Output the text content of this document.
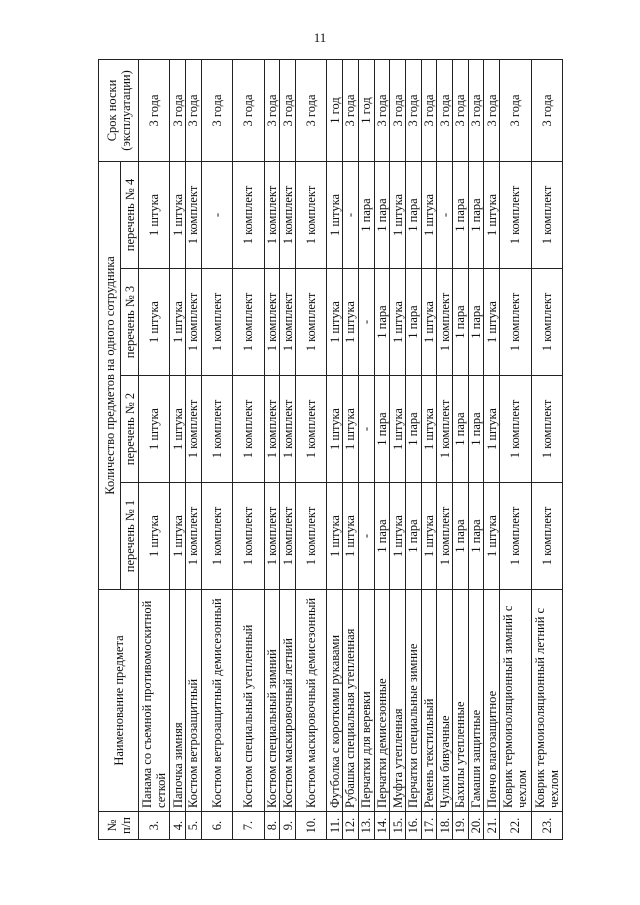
11
№ п/п	Наименование предмета	Количество предметов на одного сотрудника				Срок носки (эксплуатации)
		перечень № 1	перечень № 2	перечень № 3	перечень № 4	
3.	Панама со съемной противомоскитной сеткой	1 штука	1 штука	1 штука	1 штука	3 года
4.	Папочка зимняя	1 штука	1 штука	1 штука	1 штука	3 года
5.	Костюм ветрозащитный	1 комплект	1 комплект	1 комплект	1 комплект	3 года
6.	Костюм ветрозащитный демисезонный	1 комплект	1 комплект	1 комплект	-	3 года
7.	Костюм специальный утепленный	1 комплект	1 комплект	1 комплект	1 комплект	3 года
8.	Костюм специальный зимний	1 комплект	1 комплект	1 комплект	1 комплект	3 года
9.	Костюм маскировочный летний	1 комплект	1 комплект	1 комплект	1 комплект	3 года
10.	Костюм маскировочный демисезонный	1 комплект	1 комплект	1 комплект	1 комплект	3 года
11.	Футболка с короткими рукавами	1 штука	1 штука	1 штука	1 штука	1 год
12.	Рубашка специальная утепленная	1 штука	1 штука	1 штука	-	3 года
13.	Перчатки для веревки	-	-	-	1 пара	1 год
14.	Перчатки демисезонные	1 пара	1 пара	1 пара	1 пара	3 года
15.	Муфта утепленная	1 штука	1 штука	1 штука	1 штука	3 года
16.	Перчатки специальные зимние	1 пара	1 пара	1 пара	1 пара	3 года
17.	Ремень текстильный	1 штука	1 штука	1 штука	1 штука	3 года
18.	Чулки бивуачные	1 комплект	1 комплект	1 комплект	-	3 года
19.	Бахилы утепленные	1 пара	1 пара	1 пара	1 пара	3 года
20.	Гамаши защитные	1 пара	1 пара	1 пара	1 пара	3 года
21.	Пончо влагозащитное	1 штука	1 штука	1 штука	1 штука	3 года
22.	Коврик термоизоляционный зимний с чехлом	1 комплект	1 комплект	1 комплект	1 комплект	3 года
23.	Коврик термоизоляционный летний с чехлом	1 комплект	1 комплект	1 комплект	1 комплект	3 года
